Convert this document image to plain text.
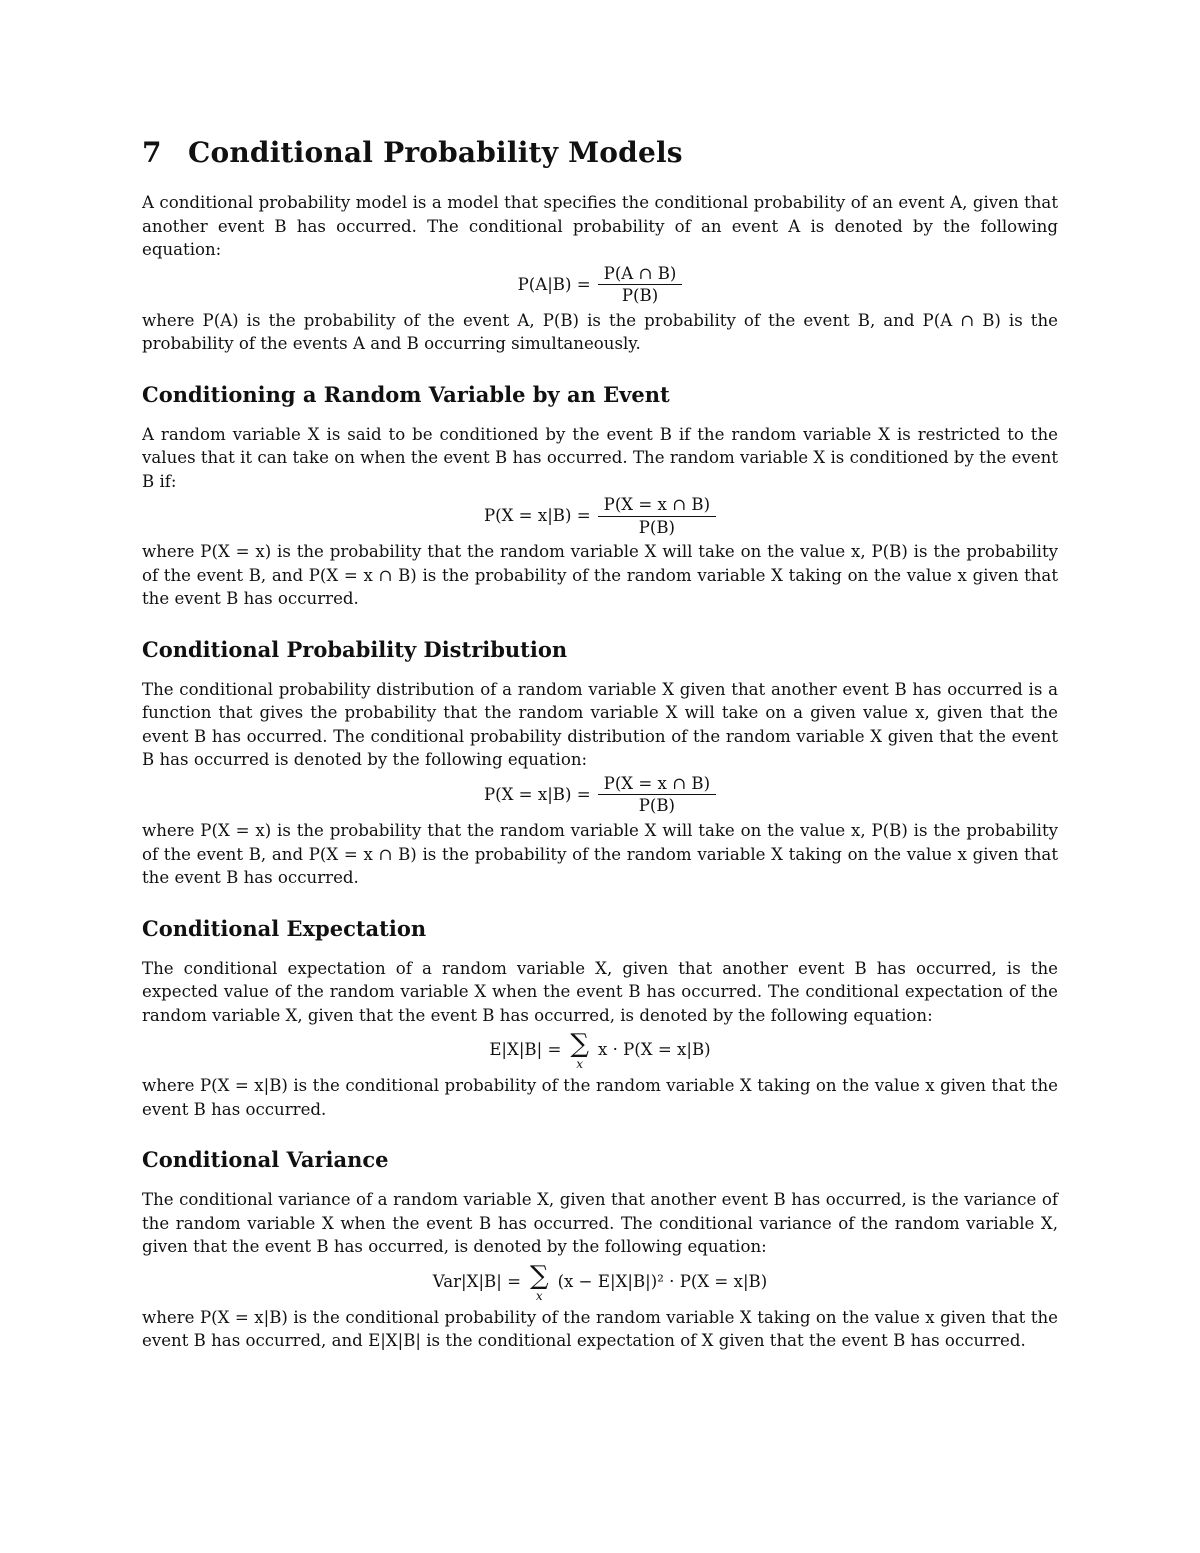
7 Conditional Probability Models

A conditional probability model is a model that specifies the conditional probability of an event A, given that another event B has occurred. The conditional probability of an event A is denoted by the following equation:

$P(A|B) = \frac{P(A \cap B)}{P(B)}$

where P(A) is the probability of the event A, P(B) is the probability of the event B, and P(A ∩ B) is the probability of the events A and B occurring simultaneously.

Conditioning a Random Variable by an Event

A random variable X is said to be conditioned by the event B if the random variable X is restricted to the values that it can take on when the event B has occurred. The random variable X is conditioned by the event B if:

$P(X = x|B) = \frac{P(X = x \cap B)}{P(B)}$

where P(X = x) is the probability that the random variable X will take on the value x, P(B) is the probability of the event B, and P(X = x ∩ B) is the probability of the random variable X taking on the value x given that the event B has occurred.

Conditional Probability Distribution

The conditional probability distribution of a random variable X given that another event B has occurred is a function that gives the probability that the random variable X will take on a given value x, given that the event B has occurred. The conditional probability distribution of the random variable X given that the event B has occurred is denoted by the following equation:

$P(X = x|B) = \frac{P(X = x \cap B)}{P(B)}$

where P(X = x) is the probability that the random variable X will take on the value x, P(B) is the probability of the event B, and P(X = x ∩ B) is the probability of the random variable X taking on the value x given that the event B has occurred.

Conditional Expectation

The conditional expectation of a random variable X, given that another event B has occurred, is the expected value of the random variable X when the event B has occurred. The conditional expectation of the random variable X, given that the event B has occurred, is denoted by the following equation:

E|X|B| = ∑
x
x · P(X = x|B)

where P(X = x|B) is the conditional probability of the random variable X taking on the value x given that the event B has occurred.

Conditional Variance

The conditional variance of a random variable X, given that another event B has occurred, is the variance of the random variable X when the event B has occurred. The conditional variance of the random variable X, given that the event B has occurred, is denoted by the following equation:

Var|X|B| = ∑
x
(x − E|X|B|)² · P(X = x|B)

where P(X = x|B) is the conditional probability of the random variable X taking on the value x given that the event B has occurred, and E|X|B| is the conditional expectation of X given that the event B has occurred.
